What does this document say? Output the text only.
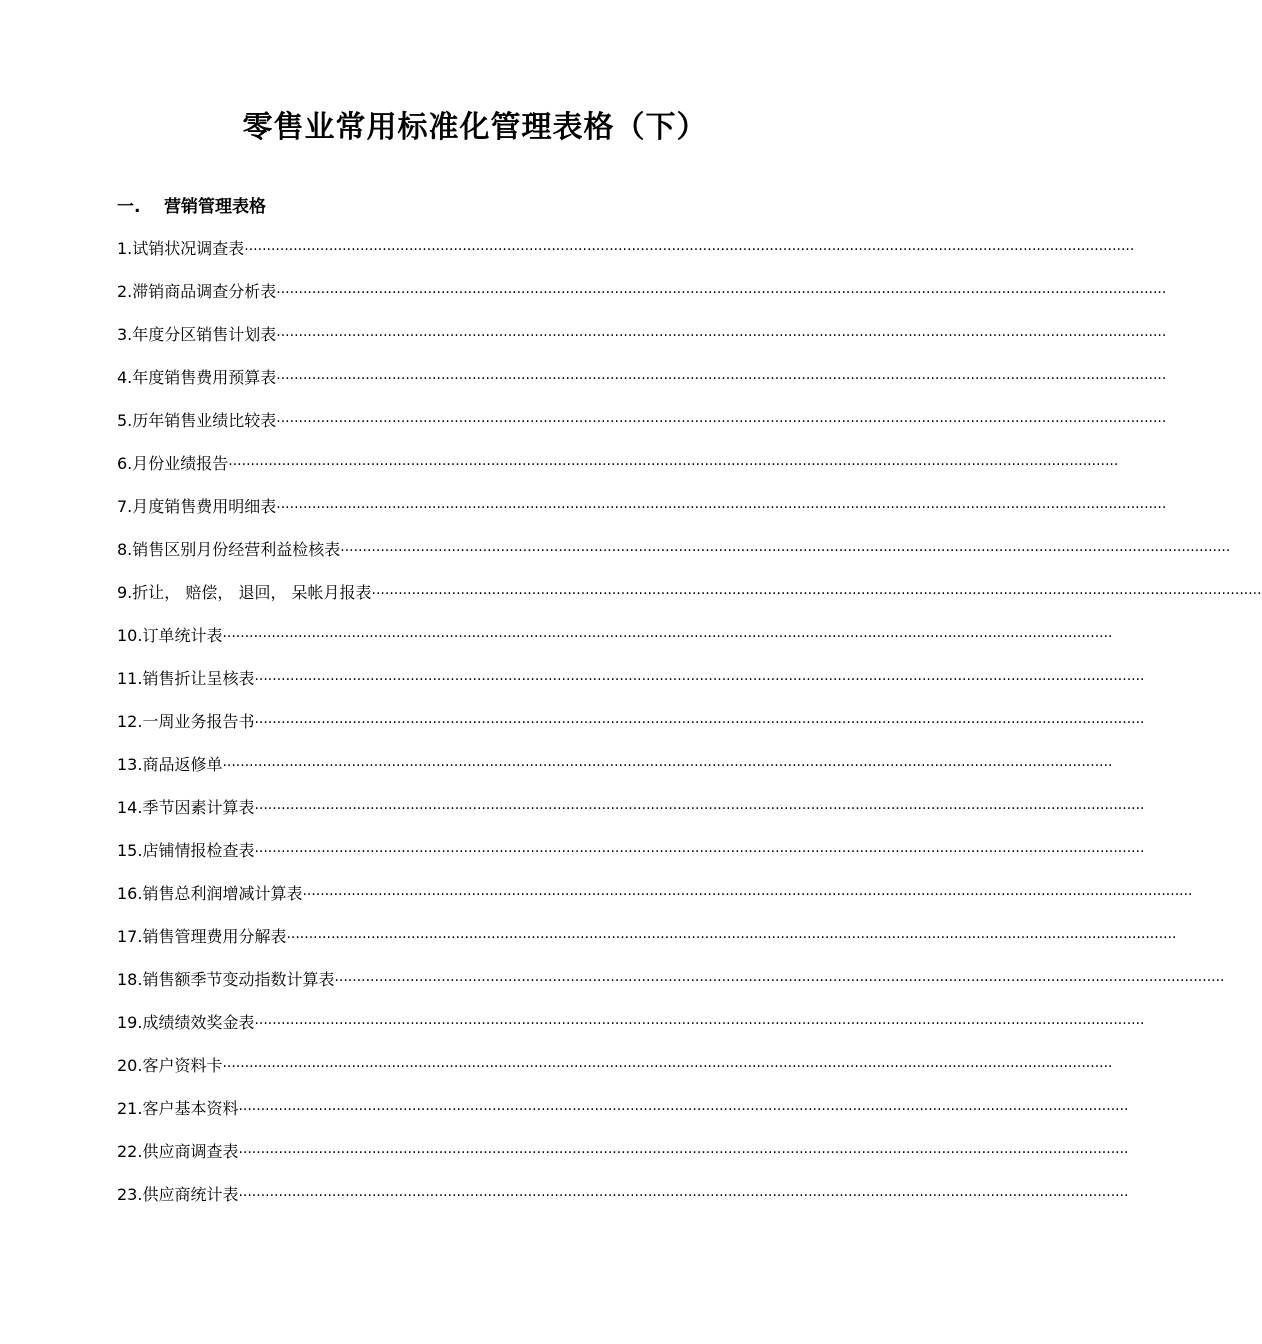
零售业常用标准化管理表格（下）
一. 营销管理表格
1.试销状况调查表 ········································································································································································································
2.滞销商品调查分析表 ········································································································································································································
3.年度分区销售计划表 ········································································································································································································
4.年度销售费用预算表 ········································································································································································································
5.历年销售业绩比较表 ········································································································································································································
6.月份业绩报告 ········································································································································································································
7.月度销售费用明细表 ········································································································································································································
8.销售区别月份经营利益检核表 ········································································································································································································
9.折让， 赔偿， 退回， 呆帐月报表 ········································································································································································································
10.订单统计表 ········································································································································································································
11.销售折让呈核表 ········································································································································································································
12.一周业务报告书 ········································································································································································································
13.商品返修单 ········································································································································································································
14.季节因素计算表 ········································································································································································································
15.店铺情报检查表 ········································································································································································································
16.销售总利润增减计算表 ········································································································································································································
17.销售管理费用分解表 ········································································································································································································
18.销售额季节变动指数计算表 ········································································································································································································
19.成绩绩效奖金表 ········································································································································································································
20.客户资料卡 ········································································································································································································
21.客户基本资料 ········································································································································································································
22.供应商调查表 ········································································································································································································
23.供应商统计表 ········································································································································································································
